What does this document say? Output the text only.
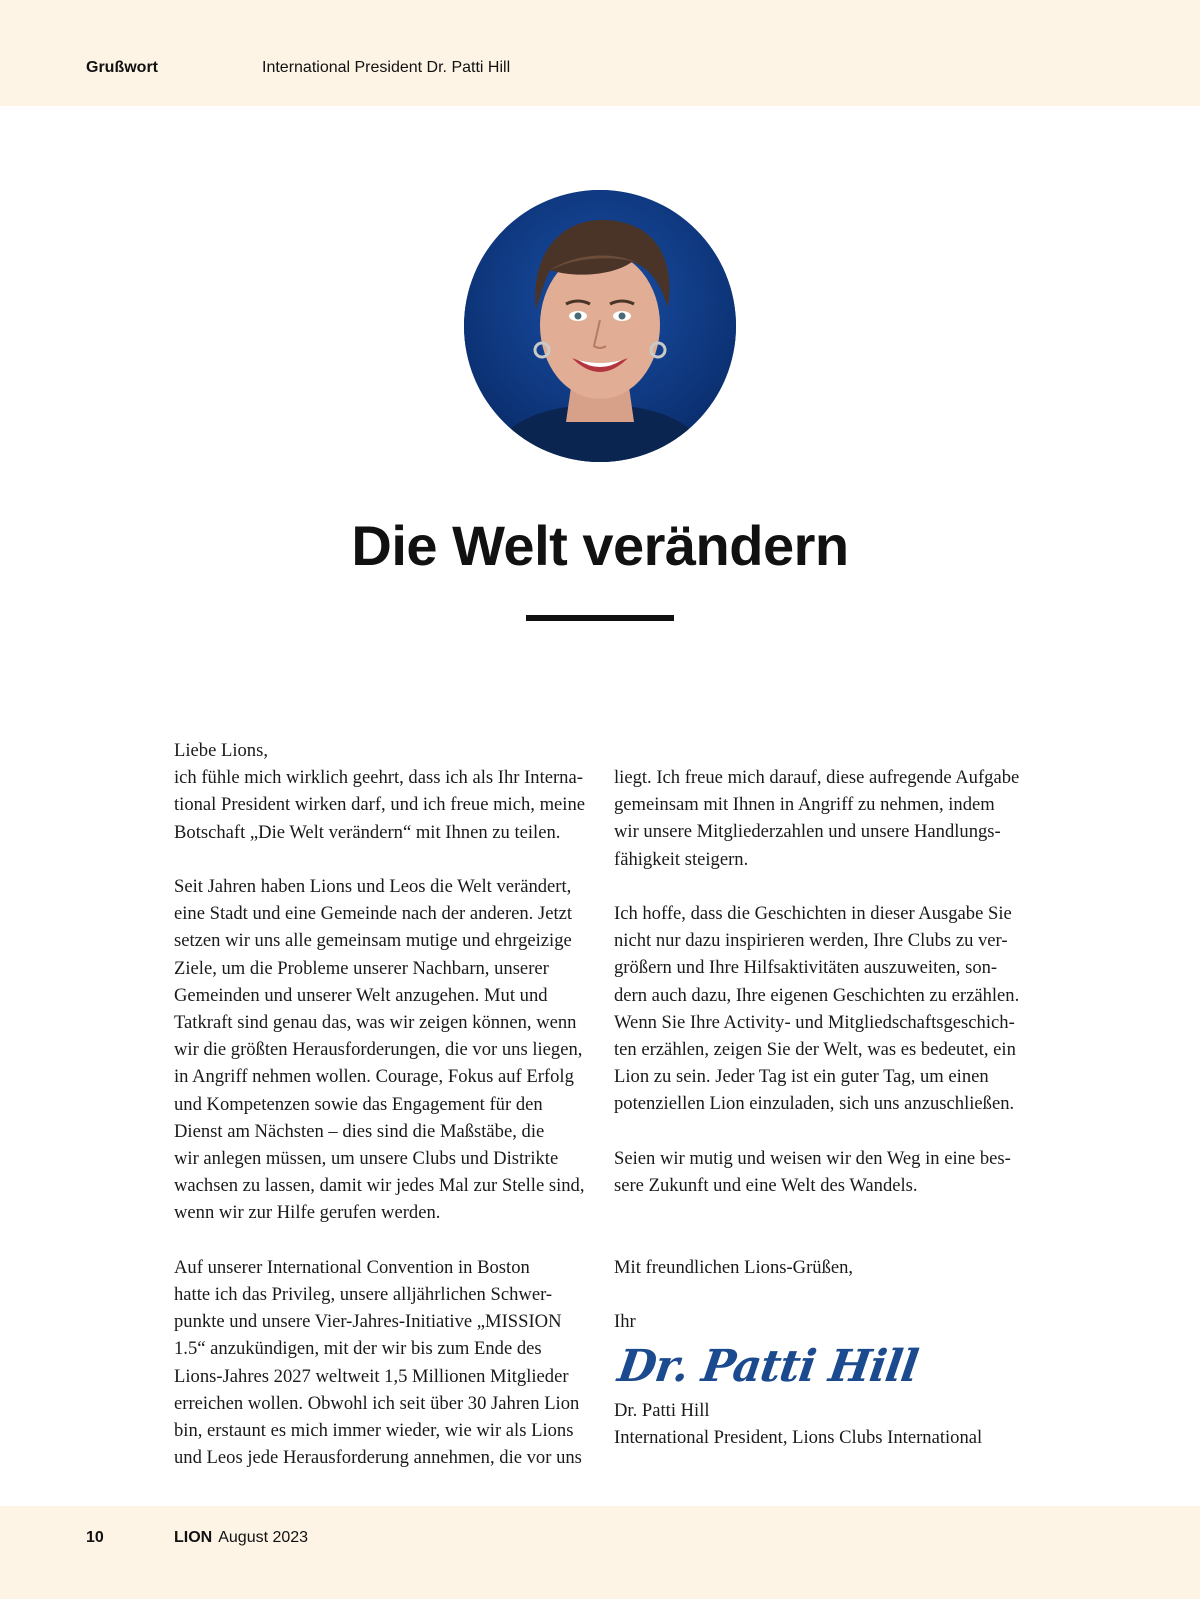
Grußwort	International President Dr. Patti Hill
Die Welt verändern

Liebe Lions,
ich fühle mich wirklich geehrt, dass ich als Ihr Interna-
tional President wirken darf, und ich freue mich, meine
Botschaft „Die Welt verändern“ mit Ihnen zu teilen.

Seit Jahren haben Lions und Leos die Welt verändert,
eine Stadt und eine Gemeinde nach der anderen. Jetzt
setzen wir uns alle gemeinsam mutige und ehrgeizige
Ziele, um die Probleme unserer Nachbarn, unserer
Gemeinden und unserer Welt anzugehen. Mut und
Tatkraft sind genau das, was wir zeigen können, wenn
wir die größten Herausforderungen, die vor uns liegen,
in Angriff nehmen wollen. Courage, Fokus auf Erfolg
und Kompetenzen sowie das Engagement für den
Dienst am Nächsten – dies sind die Maßstäbe, die
wir anlegen müssen, um unsere Clubs und Distrikte
wachsen zu lassen, damit wir jedes Mal zur Stelle sind,
wenn wir zur Hilfe gerufen werden.

Auf unserer International Convention in Boston
hatte ich das Privileg, unsere alljährlichen Schwer-
punkte und unsere Vier-Jahres-Initiative „MISSION
1.5“ anzukündigen, mit der wir bis zum Ende des
Lions-Jahres 2027 weltweit 1,5 Millionen Mitglieder
erreichen wollen. Obwohl ich seit über 30 Jahren Lion
bin, erstaunt es mich immer wieder, wie wir als Lions
und Leos jede Herausforderung annehmen, die vor uns

liegt. Ich freue mich darauf, diese aufregende Aufgabe
gemeinsam mit Ihnen in Angriff zu nehmen, indem
wir unsere Mitgliederzahlen und unsere Handlungs-
fähigkeit steigern.

Ich hoffe, dass die Geschichten in dieser Ausgabe Sie
nicht nur dazu inspirieren werden, Ihre Clubs zu ver-
größern und Ihre Hilfsaktivitäten auszuweiten, son-
dern auch dazu, Ihre eigenen Geschichten zu erzählen.
Wenn Sie Ihre Activity- und Mitgliedschaftsgeschich-
ten erzählen, zeigen Sie der Welt, was es bedeutet, ein
Lion zu sein. Jeder Tag ist ein guter Tag, um einen
potenziellen Lion einzuladen, sich uns anzuschließen.

Seien wir mutig und weisen wir den Weg in eine bes-
sere Zukunft und eine Welt des Wandels.

Mit freundlichen Lions-Grüßen,

Ihr

Dr. Patti Hill

Dr. Patti Hill

International President, Lions Clubs International

10	LION August 2023
